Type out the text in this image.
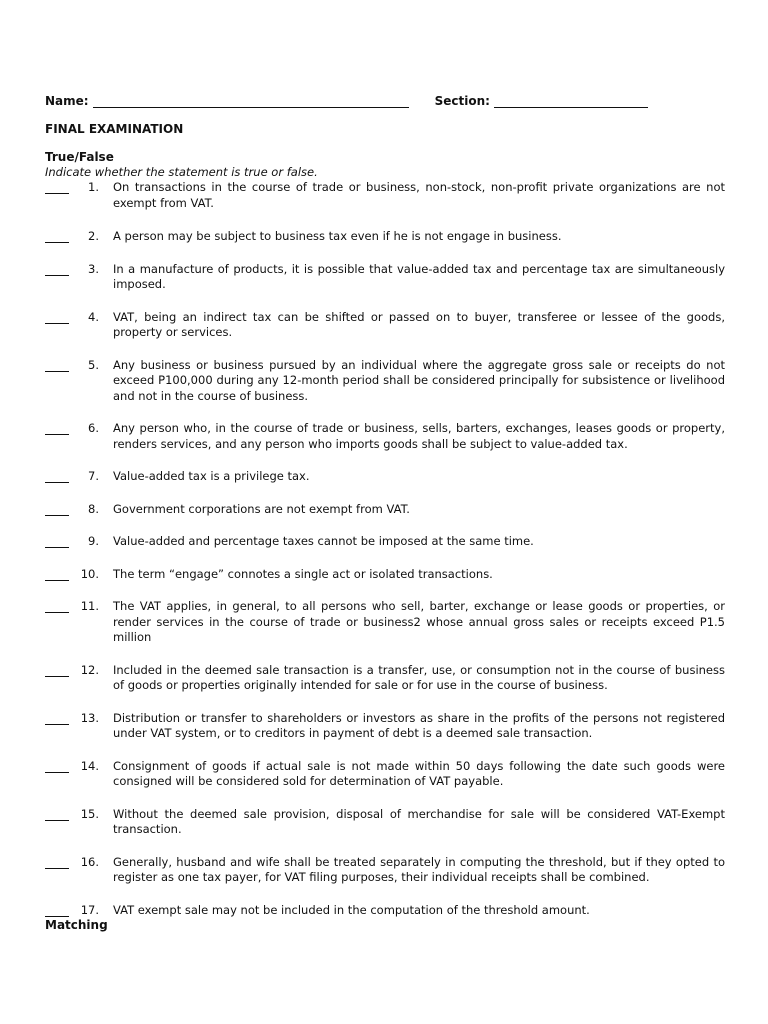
Name:	Section:
FINAL EXAMINATION
True/False
Indicate whether the statement is true or false.
1. On transactions in the course of trade or business, non-stock, non-profit private organizations are not exempt from VAT.
2. A person may be subject to business tax even if he is not engage in business.
3. In a manufacture of products, it is possible that value-added tax and percentage tax are simultaneously imposed.
4. VAT, being an indirect tax can be shifted or passed on to buyer, transferee or lessee of the goods, property or services.
5. Any business or business pursued by an individual where the aggregate gross sale or receipts do not exceed P100,000 during any 12-month period shall be considered principally for subsistence or livelihood and not in the course of business.
6. Any person who, in the course of trade or business, sells, barters, exchanges, leases goods or property, renders services, and any person who imports goods shall be subject to value-added tax.
7. Value-added tax is a privilege tax.
8. Government corporations are not exempt from VAT.
9. Value-added and percentage taxes cannot be imposed at the same time.
10. The term “engage” connotes a single act or isolated transactions.
11. The VAT applies, in general, to all persons who sell, barter, exchange or lease goods or properties, or render services in the course of trade or business2 whose annual gross sales or receipts exceed P1.5 million
12. Included in the deemed sale transaction is a transfer, use, or consumption not in the course of business of goods or properties originally intended for sale or for use in the course of business.
13. Distribution or transfer to shareholders or investors as share in the profits of the persons not registered under VAT system, or to creditors in payment of debt is a deemed sale transaction.
14. Consignment of goods if actual sale is not made within 50 days following the date such goods were consigned will be considered sold for determination of VAT payable.
15. Without the deemed sale provision, disposal of merchandise for sale will be considered VAT-Exempt transaction.
16. Generally, husband and wife shall be treated separately in computing the threshold, but if they opted to register as one tax payer, for VAT filing purposes, their individual receipts shall be combined.
17. VAT exempt sale may not be included in the computation of the threshold amount.
Matching
